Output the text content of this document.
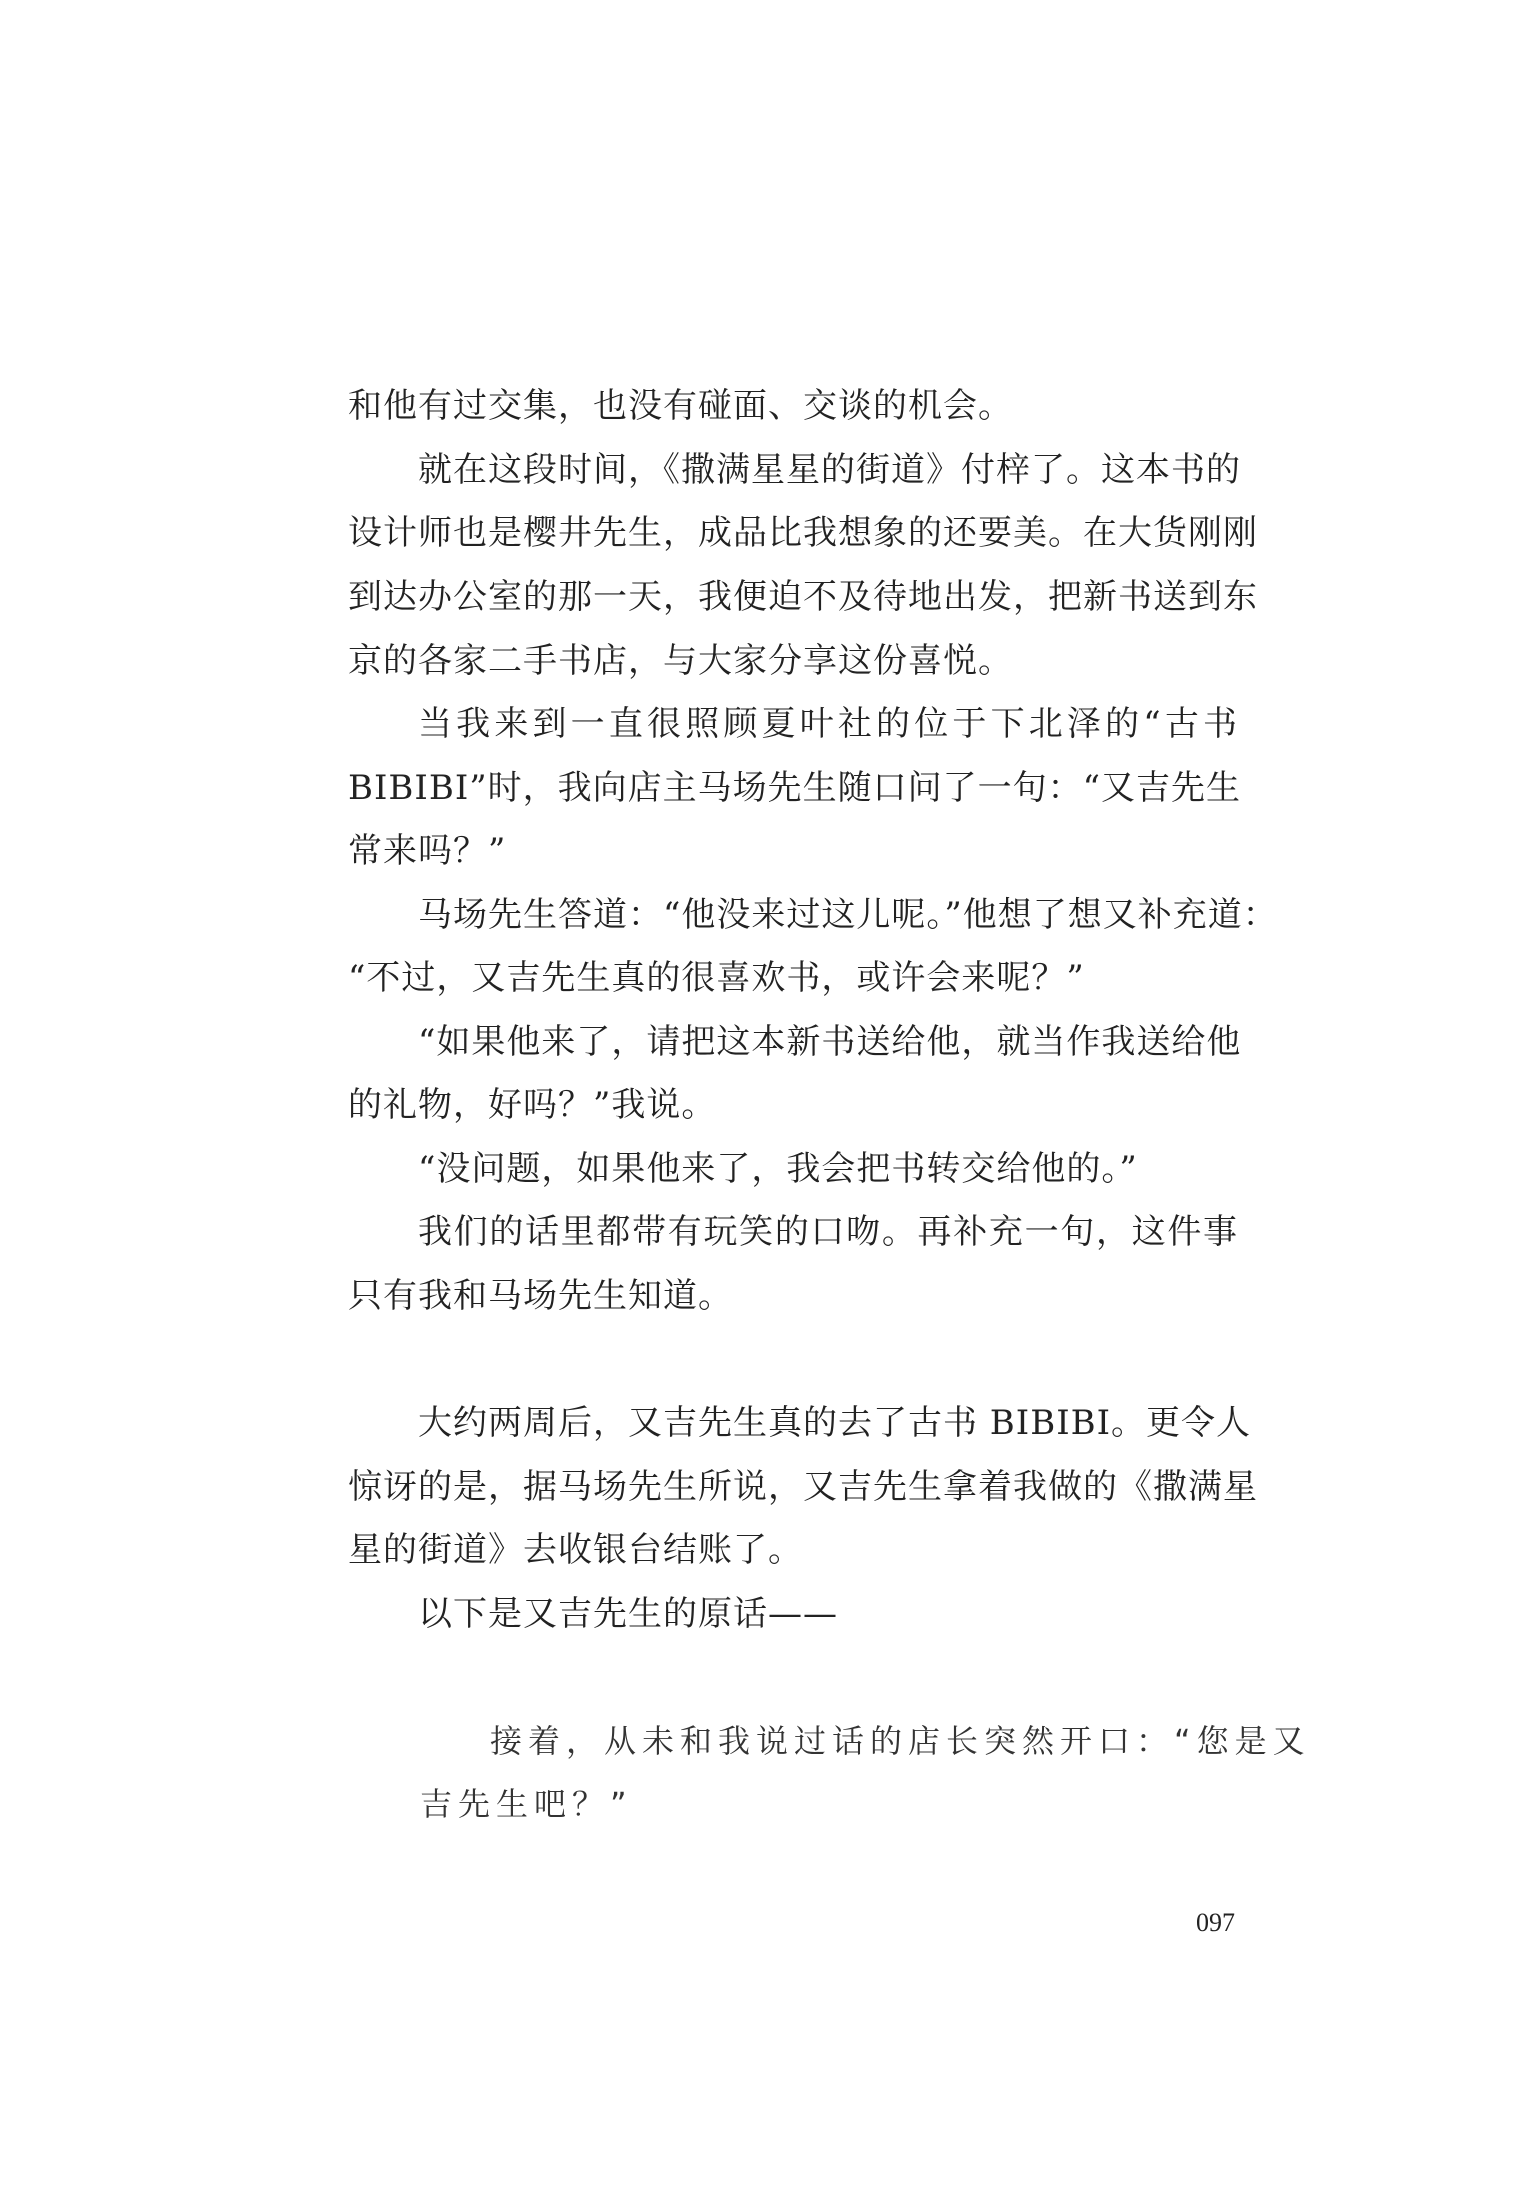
和他有过交集，也没有碰面、交谈的机会。
就在这段时间，《撒满星星的街道》付梓了。这本书的
设计师也是樱井先生，成品比我想象的还要美。在大货刚刚
到达办公室的那一天，我便迫不及待地出发，把新书送到东
京的各家二手书店，与大家分享这份喜悦。
当我来到一直很照顾夏叶社的位于下北泽的“古书
BIBIBI”时，我向店主马场先生随口问了一句：“又吉先生
常来吗？”
马场先生答道：“他没来过这儿呢。”他想了想又补充道：
“不过，又吉先生真的很喜欢书，或许会来呢？”
“如果他来了，请把这本新书送给他，就当作我送给他
的礼物，好吗？”我说。
“没问题，如果他来了，我会把书转交给他的。”
我们的话里都带有玩笑的口吻。再补充一句，这件事
只有我和马场先生知道。
大约两周后，又吉先生真的去了古书 BIBIBI。更令人
惊讶的是，据马场先生所说，又吉先生拿着我做的《撒满星
星的街道》去收银台结账了。
以下是又吉先生的原话——
接着，从未和我说过话的店长突然开口：“您是又
吉先生吧？”
097
